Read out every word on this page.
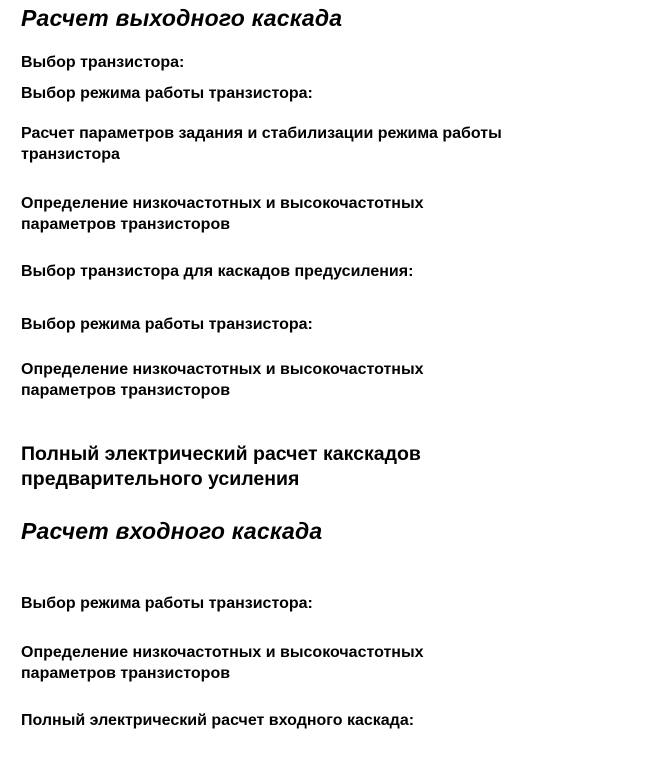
Расчет выходного каскада

Выбор транзистора:

Выбор режима работы транзистора:

Расчет параметров задания и стабилизации режима работы

транзистора

Определение низкочастотных и высокочастотных

параметров транзисторов

Выбор транзистора для каскадов предусиления:

Выбор режима работы транзистора:

Определение низкочастотных и высокочастотных

параметров транзисторов

Полный электрический расчет какскадов

предварительного усиления

Расчет входного каскада

Выбор режима работы транзистора:

Определение низкочастотных и высокочастотных

параметров транзисторов

Полный электрический расчет входного каскада:
